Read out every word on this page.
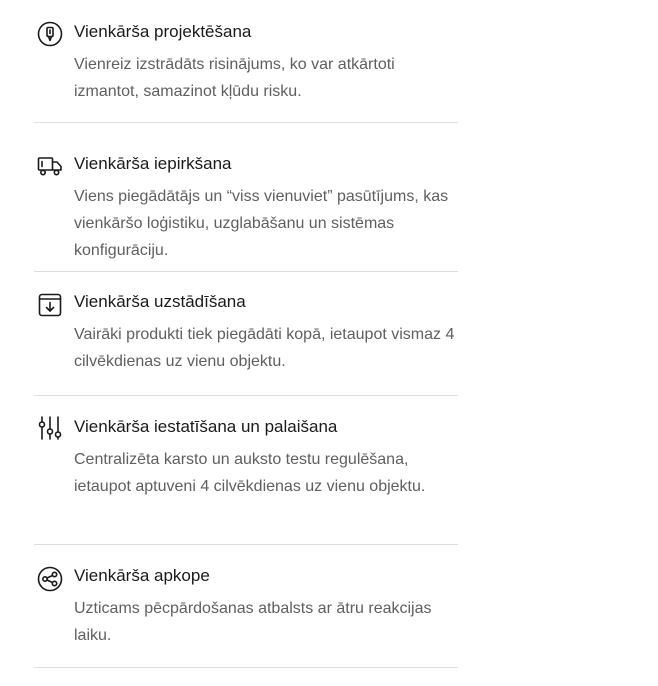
Vienkārša projektēšana

Vienreiz izstrādāts risinājums, ko var atkārtoti izmantot, samazinot kļūdu risku.

Vienkārša iepirkšana

Viens piegādātājs un “viss vienuviet” pasūtījums, kas vienkāršo loģistiku, uzglabāšanu un sistēmas konfigurāciju.

Vienkārša uzstādīšana

Vairāki produkti tiek piegādāti kopā, ietaupot vismaz 4 cilvēkdienas uz vienu objektu.

Vienkārša iestatīšana un palaišana

Centralizēta karsto un auksto testu regulēšana, ietaupot aptuveni 4 cilvēkdienas uz vienu objektu.

Vienkārša apkope

Uzticams pēcpārdošanas atbalsts ar ātru reakcijas laiku.
